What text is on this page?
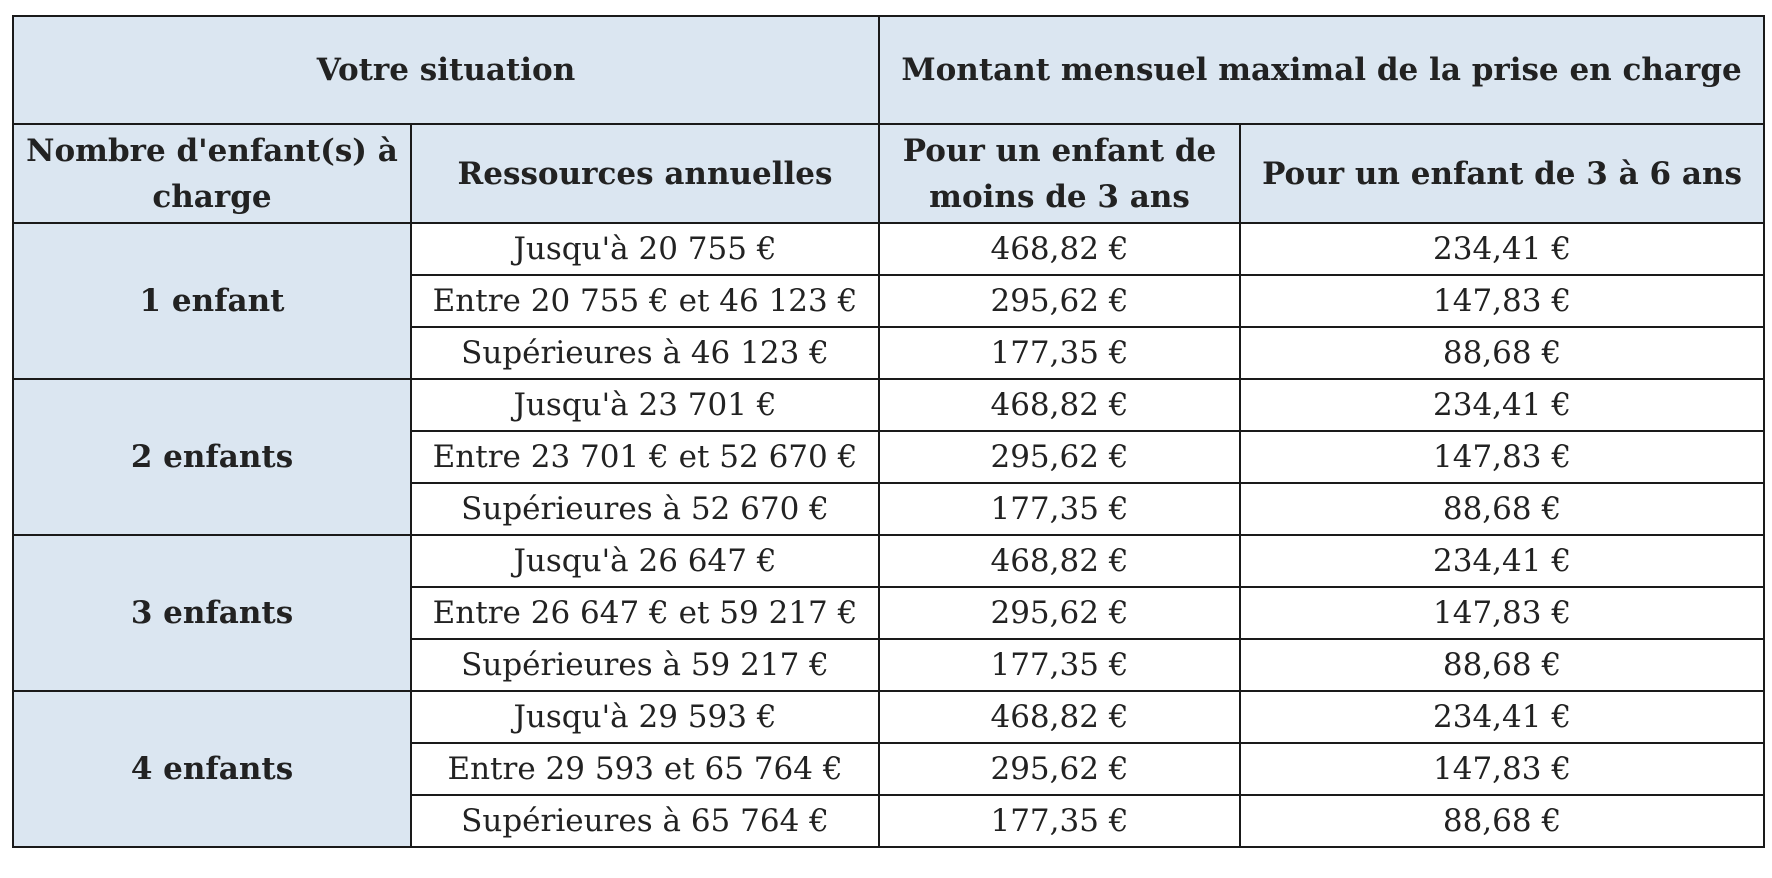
Votre situation		Montant mensuel maximal de la prise en charge	
Nombre d'enfant(s) à charge	Ressources annuelles	Pour un enfant de moins de 3 ans	Pour un enfant de 3 à 6 ans
1 enfant	Jusqu'à 20 755 €	468,82 €	234,41 €
	Entre 20 755 € et 46 123 €	295,62 €	147,83 €
	Supérieures à 46 123 €	177,35 €	88,68 €
2 enfants	Jusqu'à 23 701 €	468,82 €	234,41 €
	Entre 23 701 € et 52 670 €	295,62 €	147,83 €
	Supérieures à 52 670 €	177,35 €	88,68 €
3 enfants	Jusqu'à 26 647 €	468,82 €	234,41 €
	Entre 26 647 € et 59 217 €	295,62 €	147,83 €
	Supérieures à 59 217 €	177,35 €	88,68 €
4 enfants	Jusqu'à 29 593 €	468,82 €	234,41 €
	Entre 29 593 et 65 764 €	295,62 €	147,83 €
	Supérieures à 65 764 €	177,35 €	88,68 €
